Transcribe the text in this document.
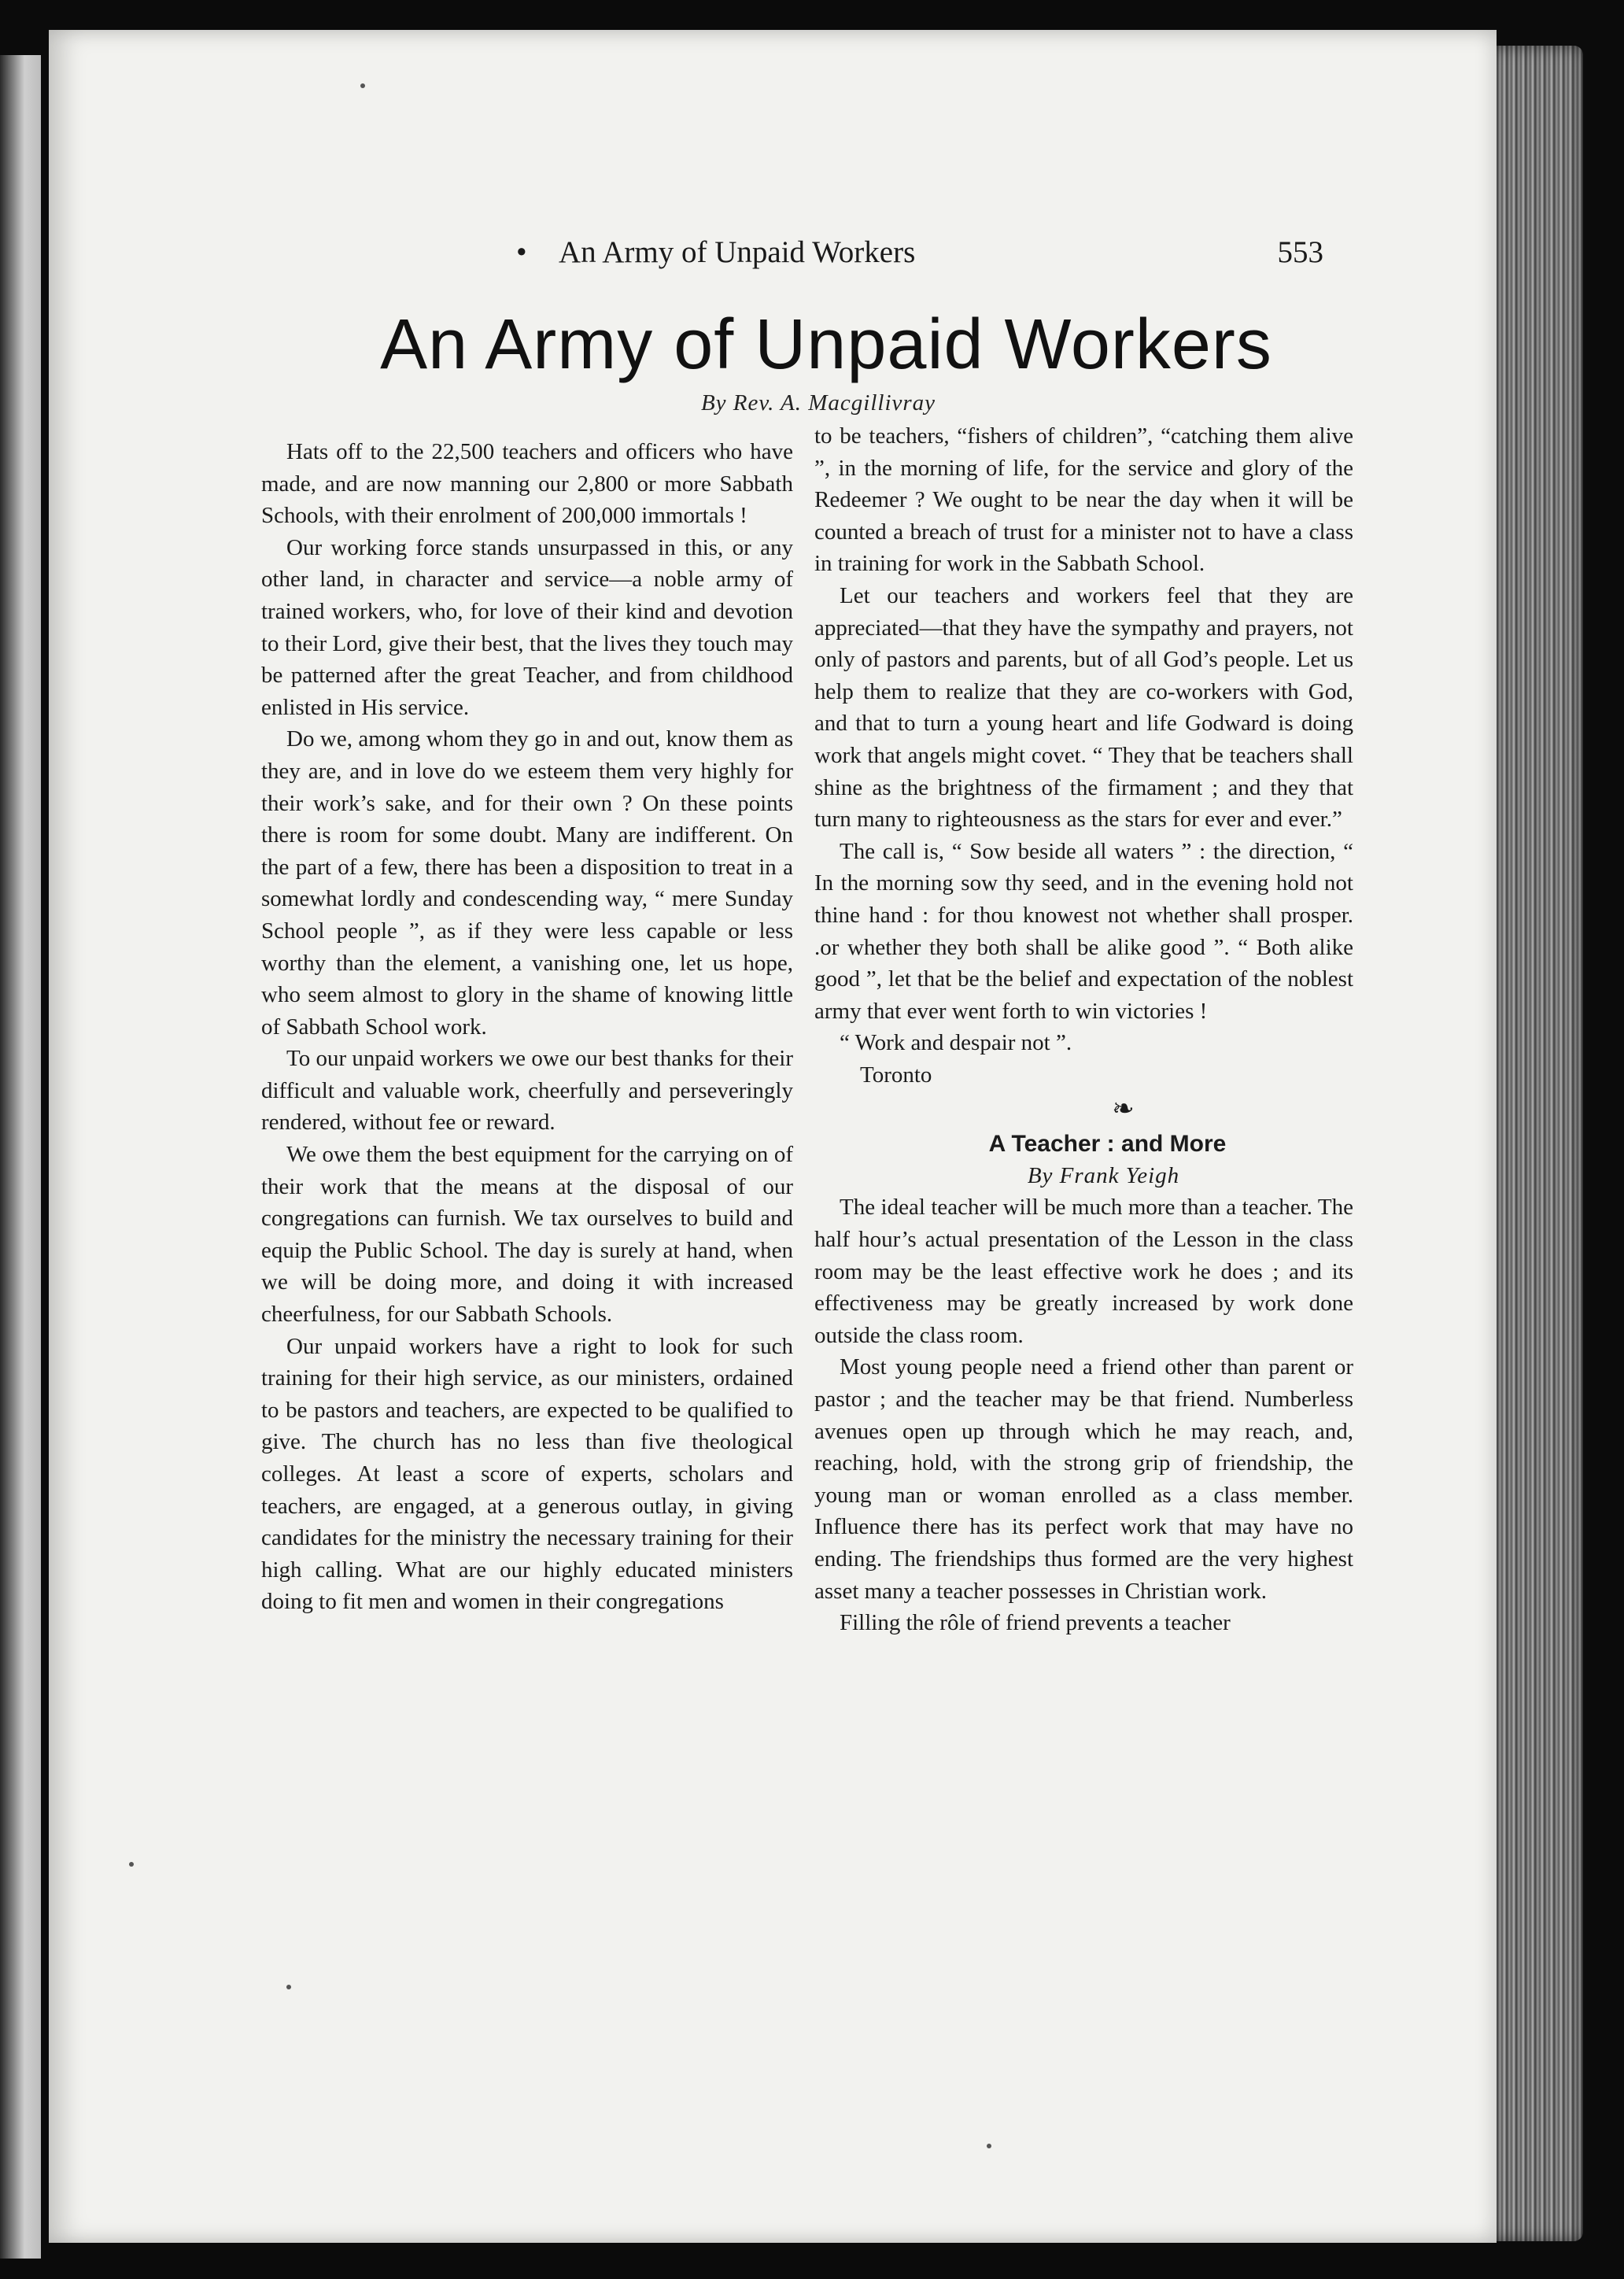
• An Army of Unpaid Workers	553
An Army of Unpaid Workers
By Rev. A. Macgillivray

Hats off to the 22,500 teachers and officers who have made, and are now manning our 2,800 or more Sabbath Schools, with their enrolment of 200,000 immortals !

Our working force stands unsurpassed in this, or any other land, in character and service—a noble army of trained workers, who, for love of their kind and devotion to their Lord, give their best, that the lives they touch may be patterned after the great Teacher, and from childhood enlisted in His service.

Do we, among whom they go in and out, know them as they are, and in love do we esteem them very highly for their work’s sake, and for their own ? On these points there is room for some doubt. Many are indifferent. On the part of a few, there has been a disposition to treat in a somewhat lordly and condescending way, “ mere Sunday School people ”, as if they were less capable or less worthy than the element, a vanishing one, let us hope, who seem almost to glory in the shame of knowing little of Sabbath School work.

To our unpaid workers we owe our best thanks for their difficult and valuable work, cheerfully and perseveringly rendered, without fee or reward.

We owe them the best equipment for the carrying on of their work that the means at the disposal of our congregations can furnish. We tax ourselves to build and equip the Public School. The day is surely at hand, when we will be doing more, and doing it with increased cheerfulness, for our Sabbath Schools.

Our unpaid workers have a right to look for such training for their high service, as our ministers, ordained to be pastors and teachers, are expected to be qualified to give. The church has no less than five theological colleges. At least a score of experts, scholars and teachers, are engaged, at a generous outlay, in giving candidates for the ministry the necessary training for their high calling. What are our highly educated ministers doing to fit men and women in their congregations

to be teachers, “fishers of children”, “catching them alive ”, in the morning of life, for the service and glory of the Redeemer ? We ought to be near the day when it will be counted a breach of trust for a minister not to have a class in training for work in the Sabbath School.

Let our teachers and workers feel that they are appreciated—that they have the sympathy and prayers, not only of pastors and parents, but of all God’s people. Let us help them to realize that they are co-workers with God, and that to turn a young heart and life Godward is doing work that angels might covet. “ They that be teachers shall shine as the brightness of the firmament ; and they that turn many to righteousness as the stars for ever and ever.”

The call is, “ Sow beside all waters ” : the direction, “ In the morning sow thy seed, and in the evening hold not thine hand : for thou knowest not whether shall prosper. .or whether they both shall be alike good ”. “ Both alike good ”, let that be the belief and expectation of the noblest army that ever went forth to win victories !

“ Work and despair not ”.

Toronto

❧
A Teacher : and More
By Frank Yeigh

The ideal teacher will be much more than a teacher. The half hour’s actual presentation of the Lesson in the class room may be the least effective work he does ; and its effectiveness may be greatly increased by work done outside the class room.

Most young people need a friend other than parent or pastor ; and the teacher may be that friend. Numberless avenues open up through which he may reach, and, reaching, hold, with the strong grip of friendship, the young man or woman enrolled as a class member. Influence there has its perfect work that may have no ending. The friendships thus formed are the very highest asset many a teacher possesses in Christian work.

Filling the rôle of friend prevents a teacher
